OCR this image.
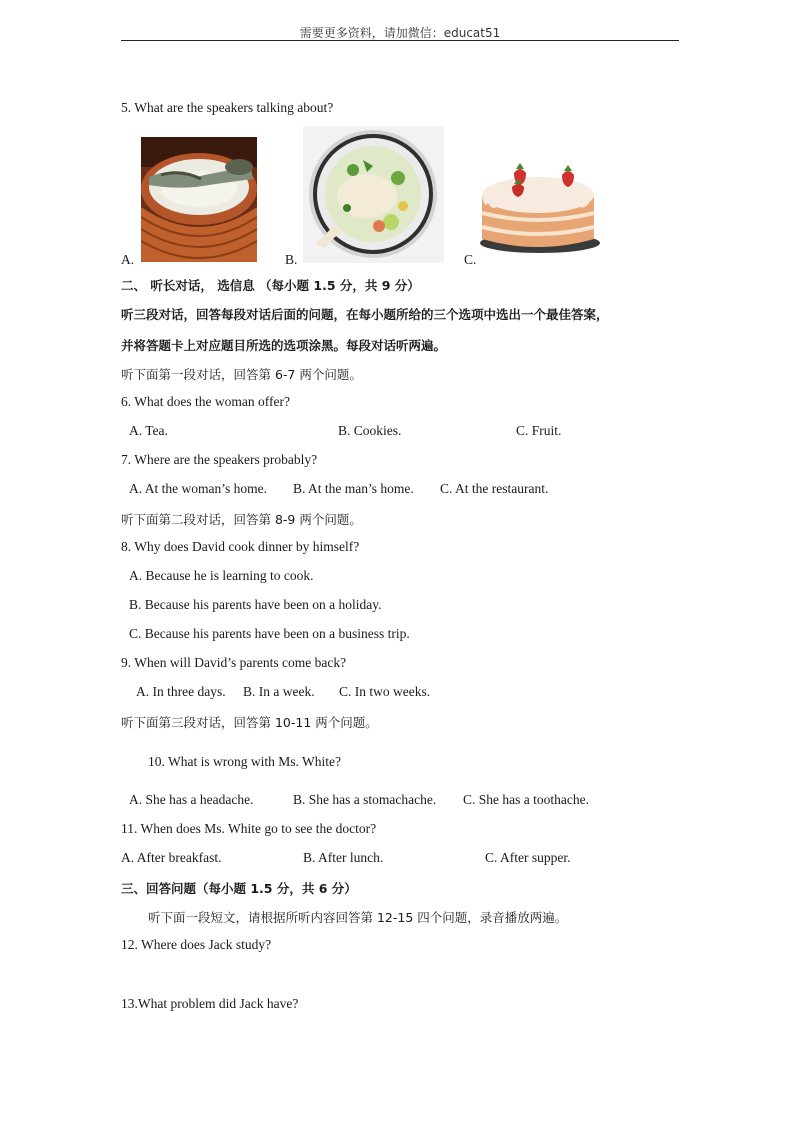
需要更多资料，请加微信：educat51
5. What are the speakers talking about?
A.	B.	C.
二、 听长对话， 选信息 （每小题 1.5 分，共 9 分）
听三段对话，回答每段对话后面的问题，在每小题所给的三个选项中选出一个最佳答案，
并将答题卡上对应题目所选的选项涂黑。每段对话听两遍。
听下面第一段对话，回答第 6-7 两个问题。
6. What does the woman offer?
A. Tea.	B. Cookies.	C. Fruit.
7. Where are the speakers probably?
A. At the woman’s home. B. At the man’s home. C. At the restaurant.
听下面第二段对话，回答第 8-9 两个问题。
8. Why does David cook dinner by himself?
A. Because he is learning to cook.
B. Because his parents have been on a holiday.
C. Because his parents have been on a business trip.
9. When will David’s parents come back?
A. In three days. B. In a week. C. In two weeks.
听下面第三段对话，回答第 10-11 两个问题。
10. What is wrong with Ms. White?
A. She has a headache.	B. She has a stomachache. C. She has a toothache.
11. When does Ms. White go to see the doctor?
A. After breakfast.	B. After lunch.	C. After supper.
三、回答问题（每小题 1.5 分，共 6 分）
听下面一段短文，请根据所听内容回答第 12-15 四个问题，录音播放两遍。
12. Where does Jack study?
13.What problem did Jack have?
